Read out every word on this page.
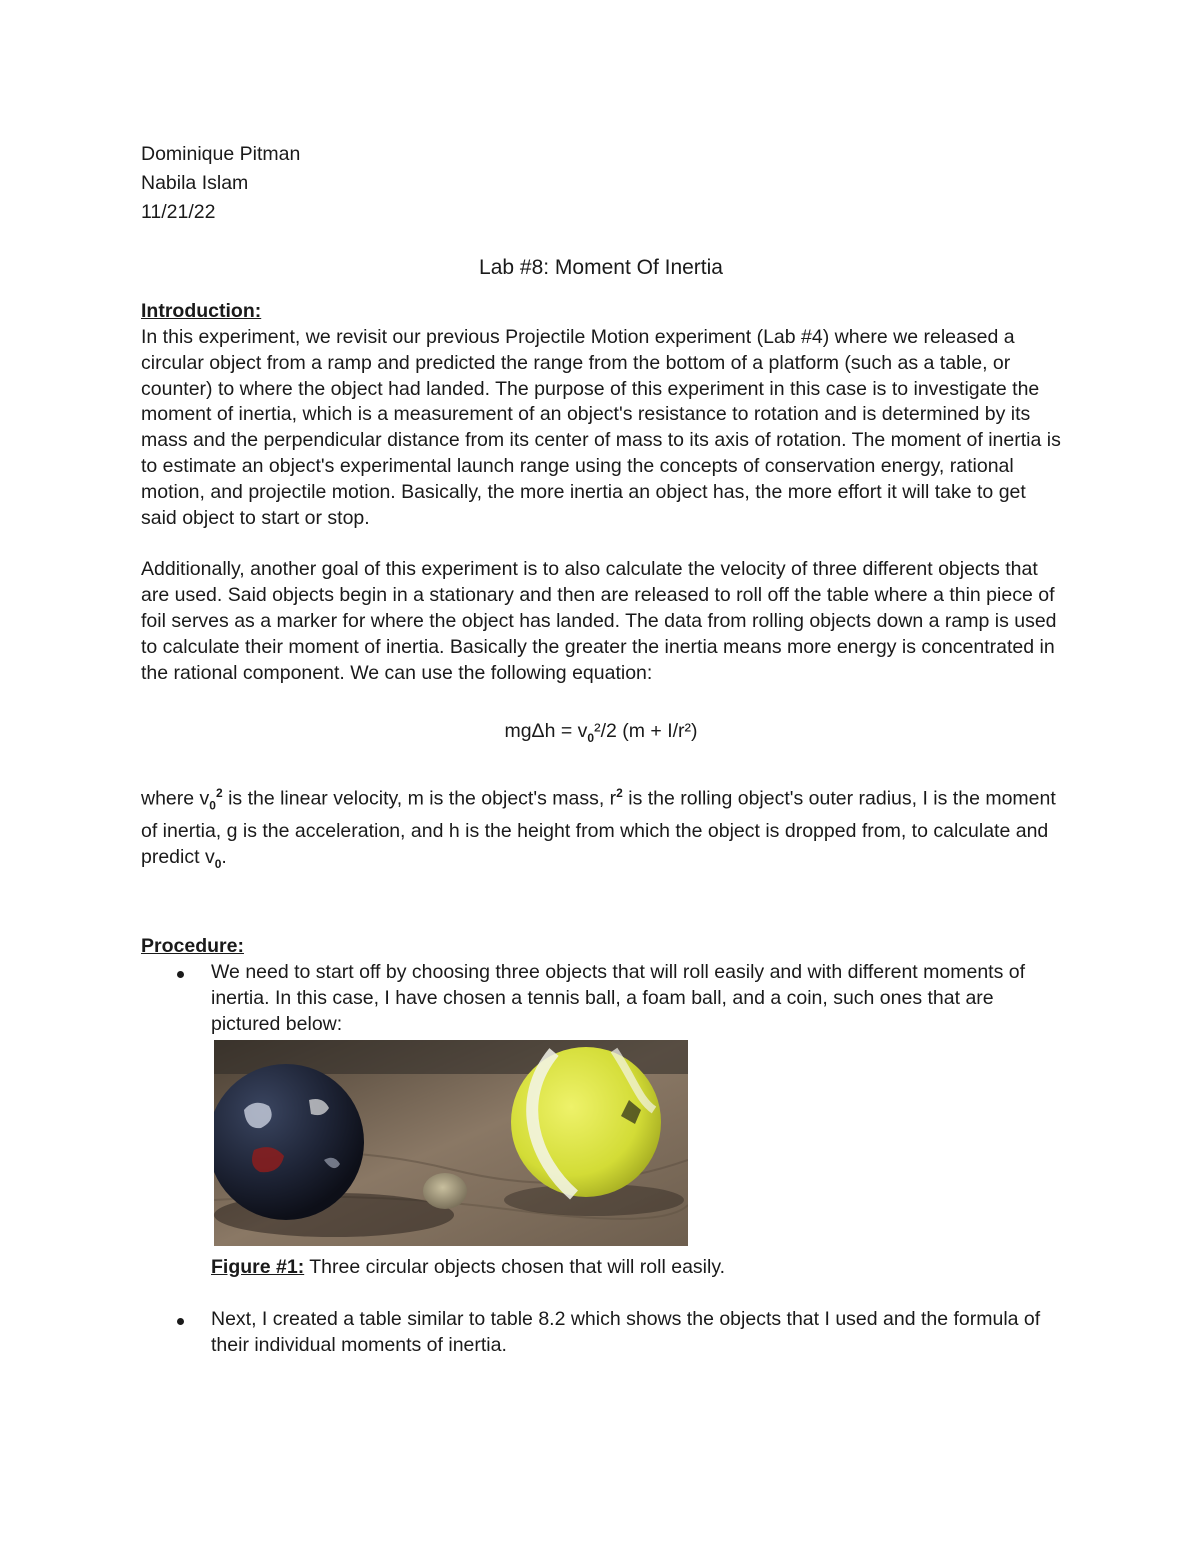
Dominique Pitman
Nabila Islam
11/21/22
Lab #8: Moment Of Inertia
Introduction:

In this experiment, we revisit our previous Projectile Motion experiment (Lab #4) where we released a circular object from a ramp and predicted the range from the bottom of a platform (such as a table, or counter) to where the object had landed. The purpose of this experiment in this case is to investigate the moment of inertia, which is a measurement of an object's resistance to rotation and is determined by its mass and the perpendicular distance from its center of mass to its axis of rotation. The moment of inertia is to estimate an object's experimental launch range using the concepts of conservation energy, rational motion, and projectile motion. Basically, the more inertia an object has, the more effort it will take to get said object to start or stop.

Additionally, another goal of this experiment is to also calculate the velocity of three different objects that are used. Said objects begin in a stationary and then are released to roll off the table where a thin piece of foil serves as a marker for where the object has landed. The data from rolling objects down a ramp is used to calculate their moment of inertia. Basically the greater the inertia means more energy is concentrated in the rational component. We can use the following equation:

$mg\Delta h = v_0^2/2$ (m + I/r²)

where $v_0^2$ is the linear velocity, m is the object's mass, $r^2$ is the rolling object's outer radius, I is the moment of inertia, g is the acceleration, and h is the height from which the object is dropped from, to calculate and predict $v_0$.

Procedure:
We need to start off by choosing three objects that will roll easily and with different moments of inertia. In this case, I have chosen a tennis ball, a foam ball, and a coin, such ones that are pictured below:
Figure #1: Three circular objects chosen that will roll easily.
Next, I created a table similar to table 8.2 which shows the objects that I used and the formula of their individual moments of inertia.
